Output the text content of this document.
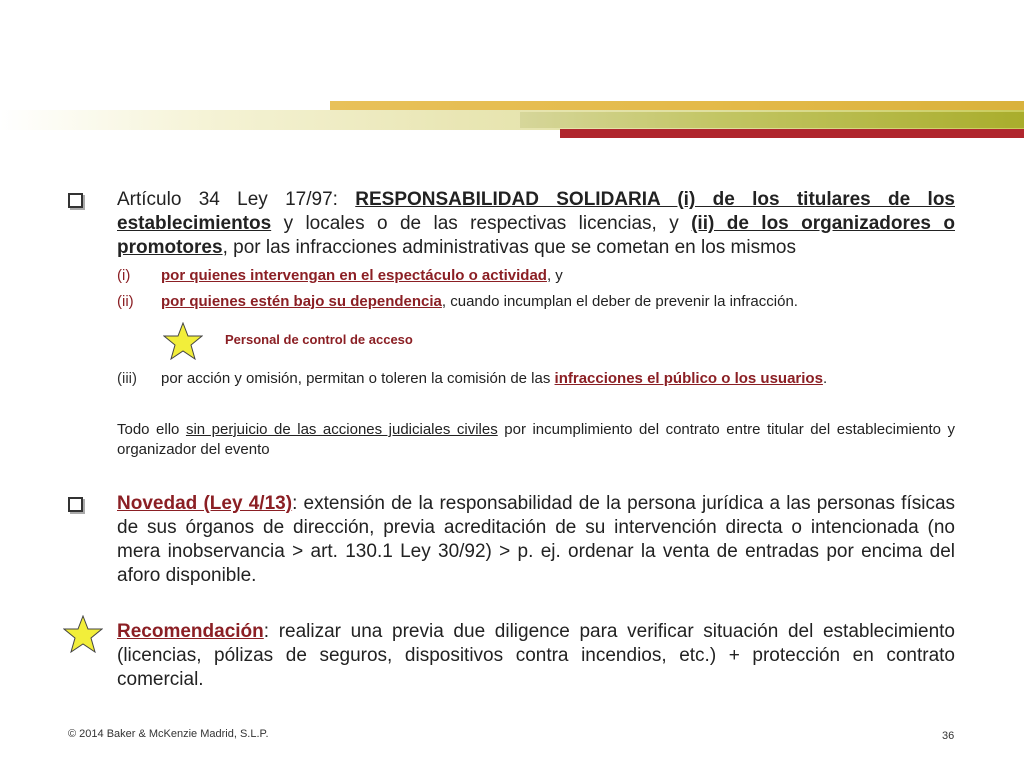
Artículo 34 Ley 17/97: RESPONSABILIDAD SOLIDARIA (i) de los titulares de los establecimientos y locales o de las respectivas licencias, y (ii) de los organizadores o promotores, por las infracciones administrativas que se cometan en los mismos
(i) por quienes intervengan en el espectáculo o actividad, y
(ii) por quienes estén bajo su dependencia, cuando incumplan el deber de prevenir la infracción.
Personal de control de acceso
(iii) por acción y omisión, permitan o toleren la comisión de las infracciones el público o los usuarios.
Todo ello sin perjuicio de las acciones judiciales civiles por incumplimiento del contrato entre titular del establecimiento y organizador del evento
Novedad (Ley 4/13): extensión de la responsabilidad de la persona jurídica a las personas físicas de sus órganos de dirección, previa acreditación de su intervención directa o intencionada (no mera inobservancia > art. 130.1 Ley 30/92) > p. ej. ordenar la venta de entradas por encima del aforo disponible.
Recomendación: realizar una previa due diligence para verificar situación del establecimiento (licencias, pólizas de seguros, dispositivos contra incendios, etc.) + protección en contrato comercial.
© 2014 Baker & McKenzie Madrid, S.L.P.	36
